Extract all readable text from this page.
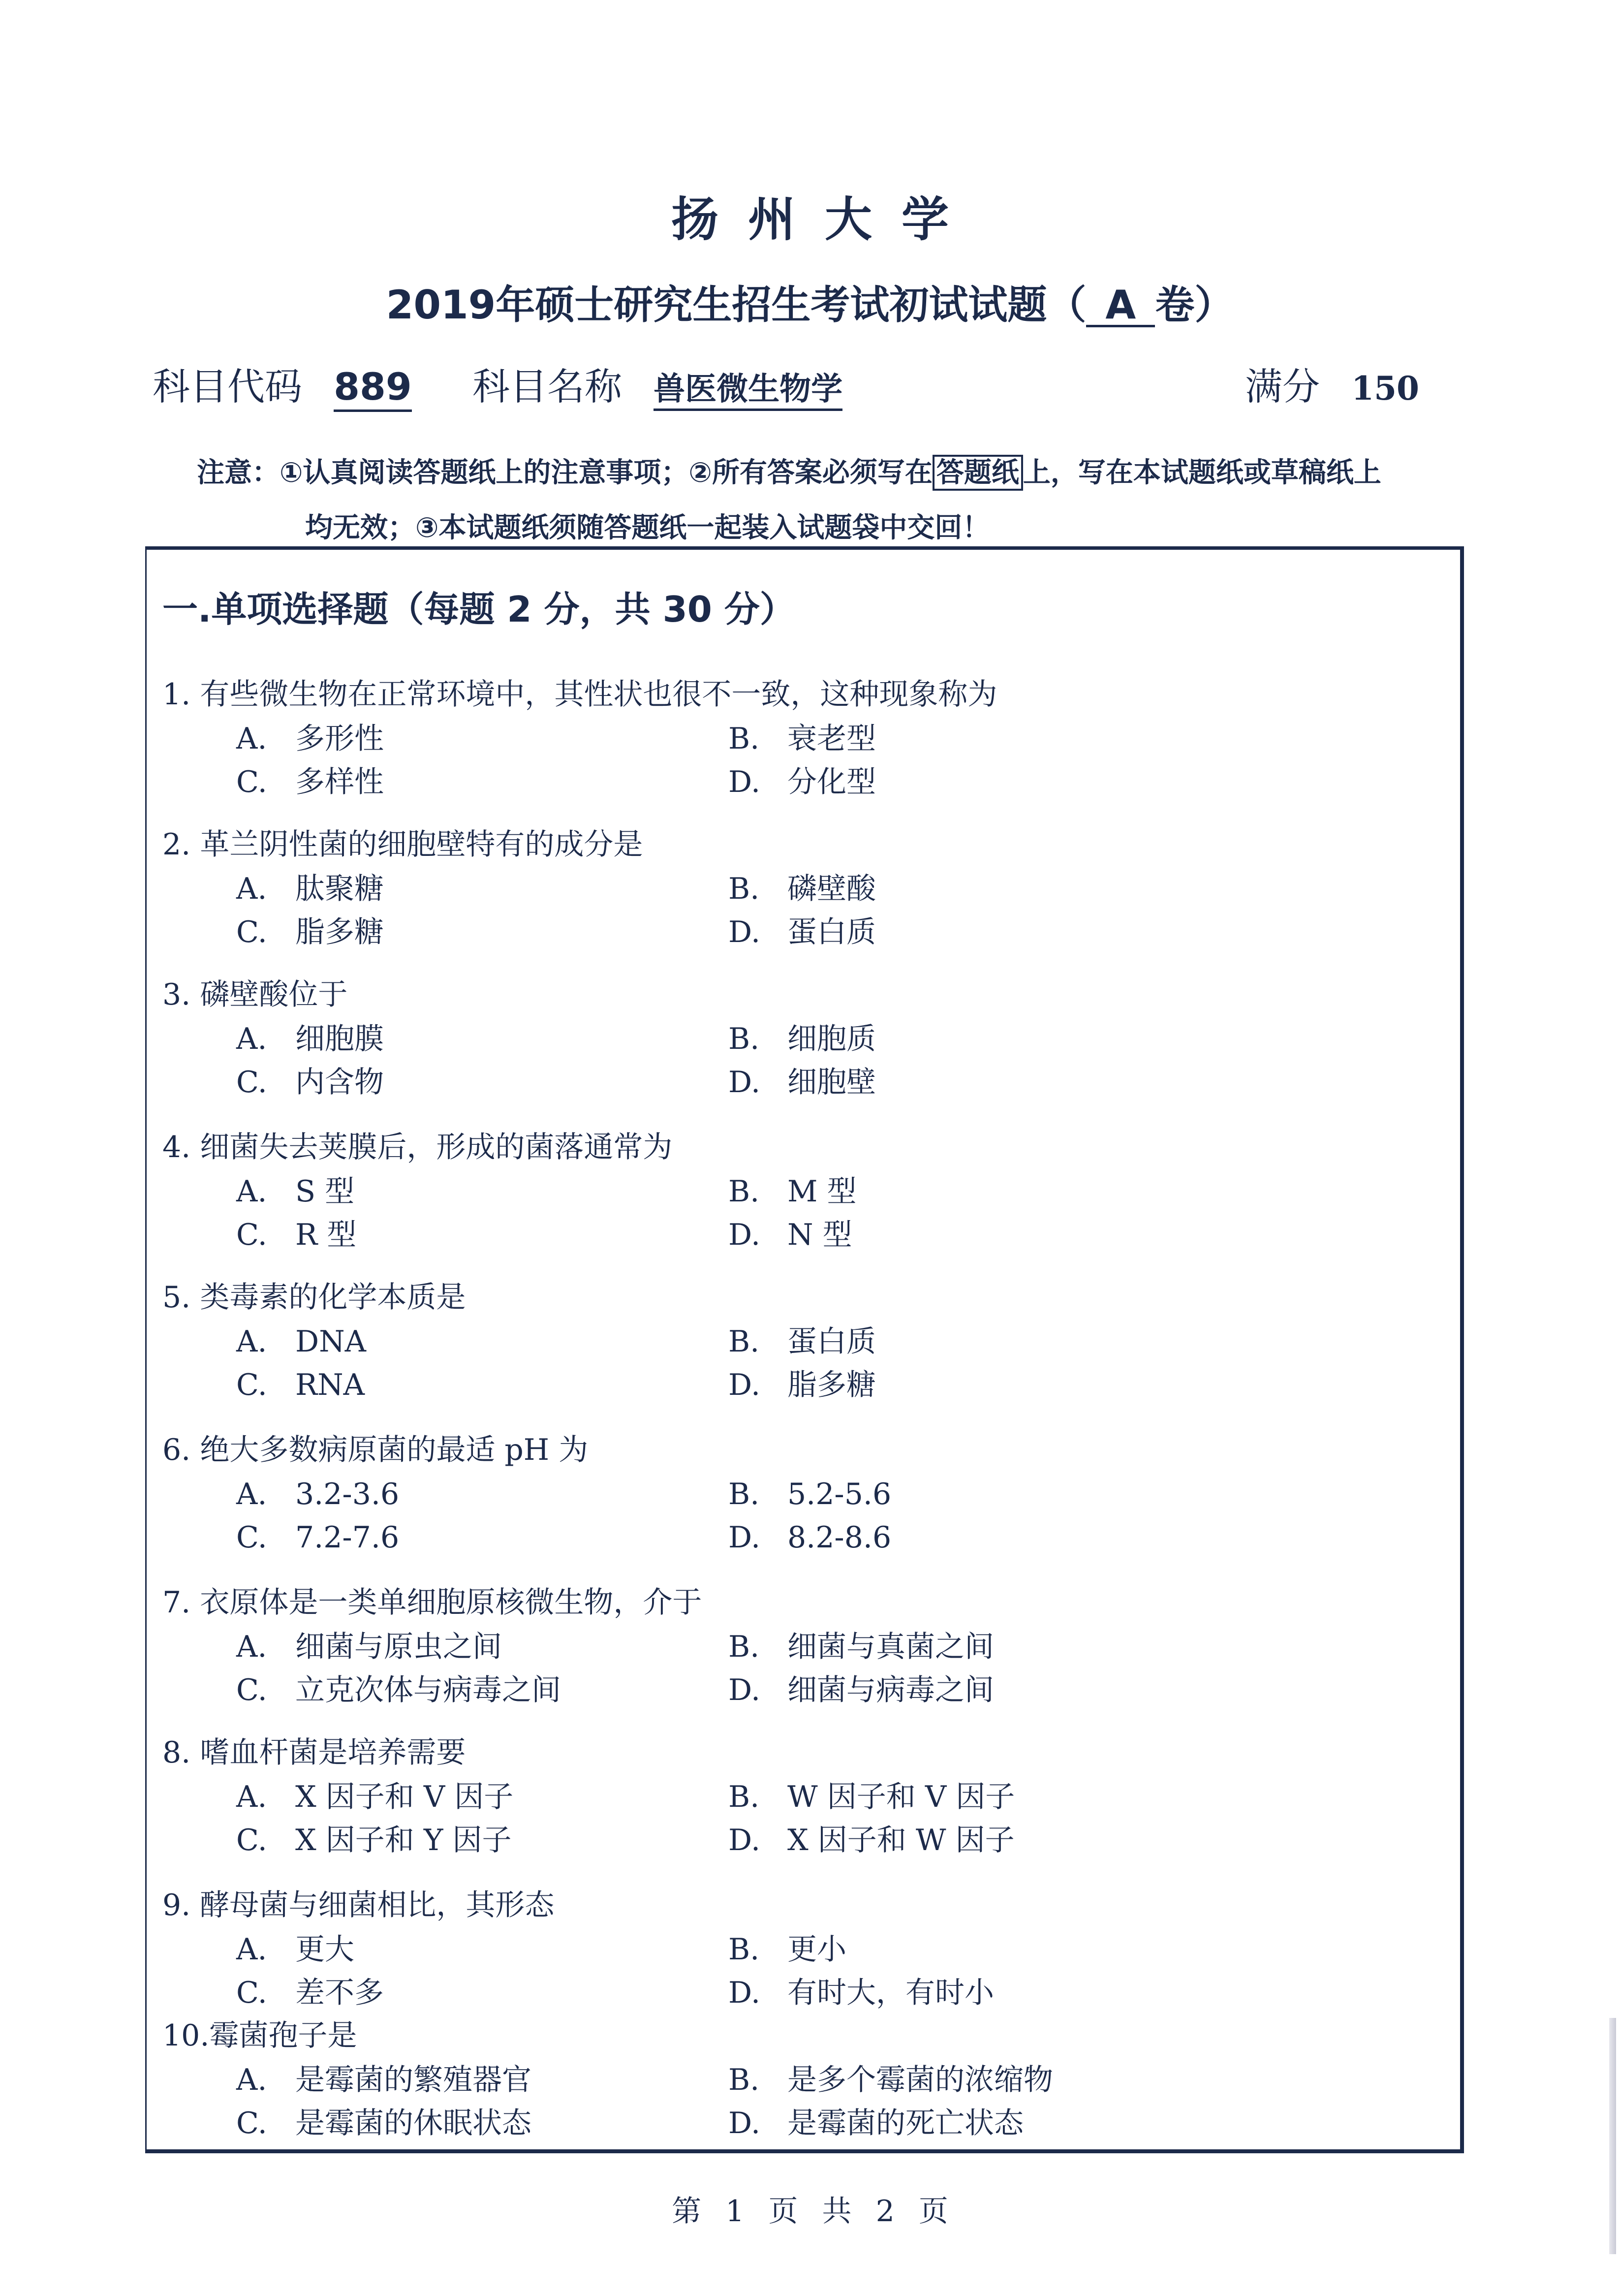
扬州大学
2019年硕士研究生招生考试初试试题（ A 卷）
科目代码 889 科目名称 兽医微生物学	满分 150
注意：①认真阅读答题纸上的注意事项；②所有答案必须写在 答题纸 上，写在本试题纸或草稿纸上
均无效；③本试题纸须随答题纸一起装入试题袋中交回！
一.单项选择题（每题 2 分，共 30 分）
第 1 页 共 2 页
1. 有些微生物在正常环境中，其性状也很不一致，这种现象称为
A. 多形性	B. 衰老型
C. 多样性	D. 分化型
2. 革兰阴性菌的细胞壁特有的成分是
A. 肽聚糖	B. 磷壁酸
C. 脂多糖	D. 蛋白质
3. 磷壁酸位于
A. 细胞膜	B. 细胞质
C. 内含物	D. 细胞壁
4. 细菌失去荚膜后，形成的菌落通常为
A. S 型	B. M 型
C. R 型	D. N 型
5. 类毒素的化学本质是
A. DNA	B. 蛋白质
C. RNA	D. 脂多糖
6. 绝大多数病原菌的最适 pH 为
A. 3.2-3.6	B. 5.2-5.6
C. 7.2-7.6	D. 8.2-8.6
7. 衣原体是一类单细胞原核微生物，介于
A. 细菌与原虫之间	B. 细菌与真菌之间
C. 立克次体与病毒之间	D. 细菌与病毒之间
8. 嗜血杆菌是培养需要
A. X 因子和 V 因子	B. W 因子和 V 因子
C. X 因子和 Y 因子	D. X 因子和 W 因子
9. 酵母菌与细菌相比，其形态
A. 更大	B. 更小
C. 差不多	D. 有时大，有时小
10.霉菌孢子是
A. 是霉菌的繁殖器官	B. 是多个霉菌的浓缩物
C. 是霉菌的休眠状态	D. 是霉菌的死亡状态
